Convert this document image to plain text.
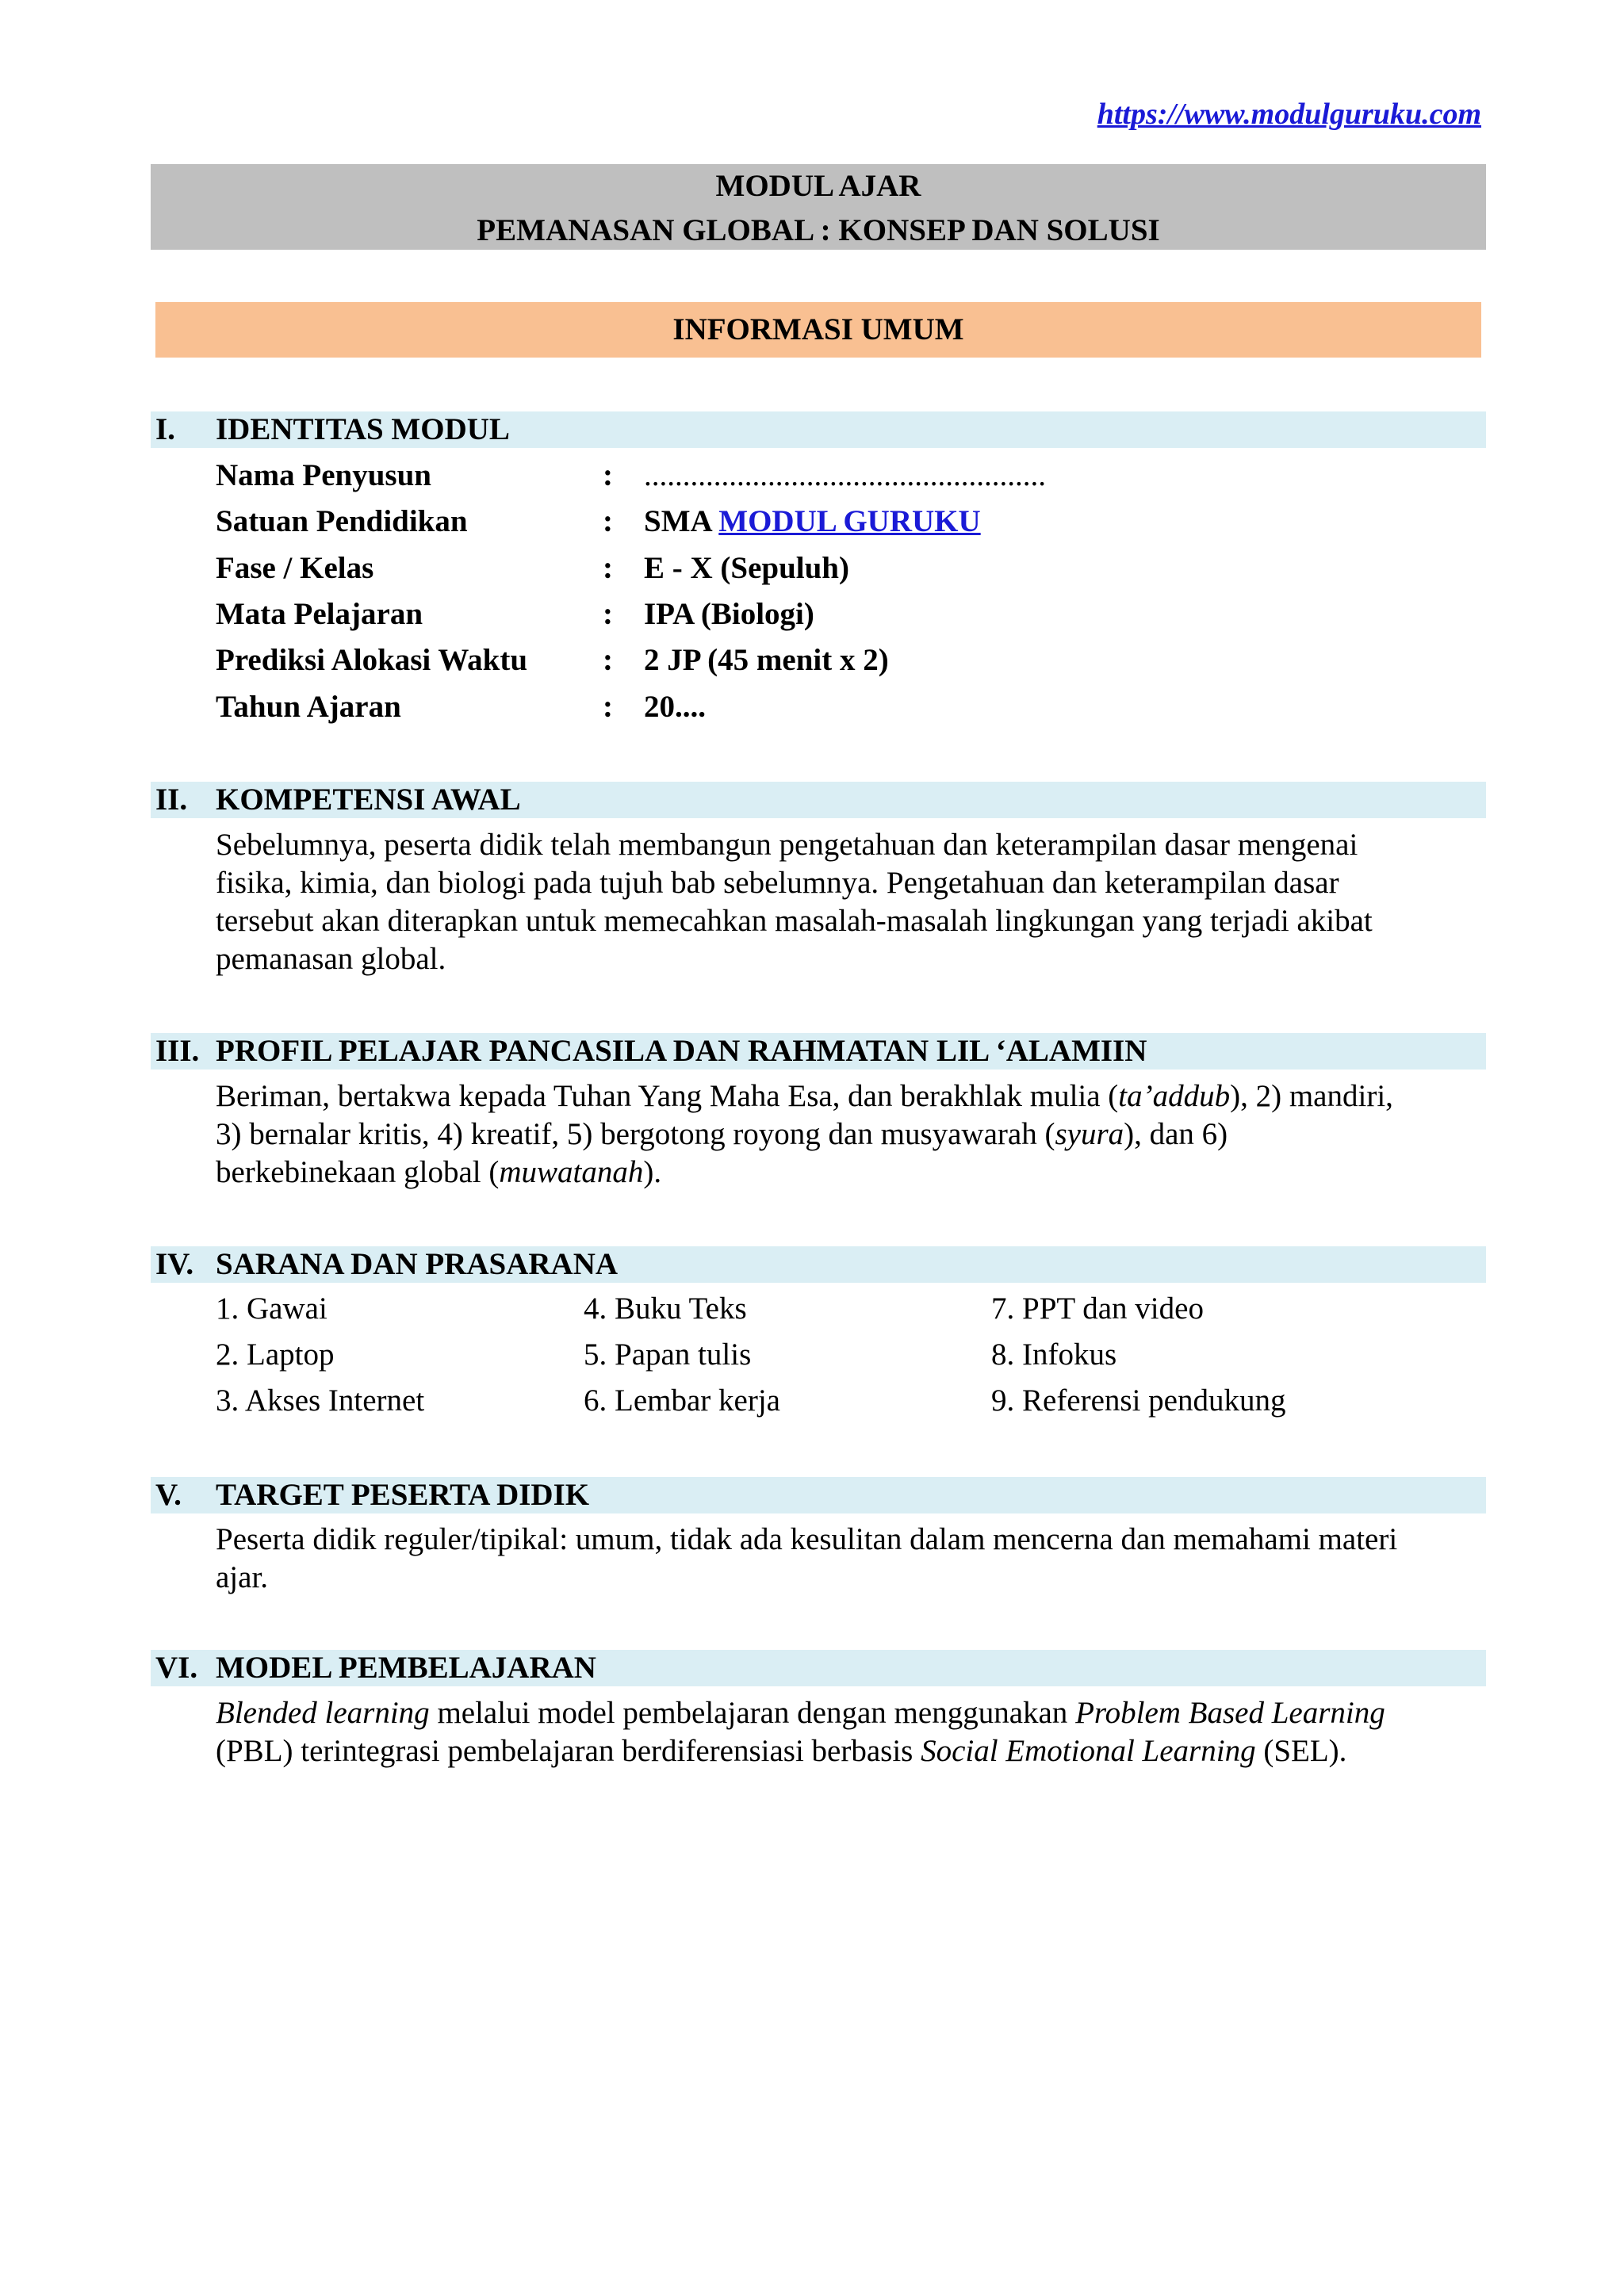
https://www.modulguruku.com
MODUL AJAR
PEMANASAN GLOBAL : KONSEP DAN SOLUSI
INFORMASI UMUM
I. IDENTITAS MODUL
Nama Penyusun	: ....................................................
Satuan Pendidikan	: SMA MODUL GURUKU
Fase / Kelas	: E - X (Sepuluh)
Mata Pelajaran	: IPA (Biologi)
Prediksi Alokasi Waktu : 2 JP (45 menit x 2)
Tahun Ajaran	: 20....
II. KOMPETENSI AWAL
Sebelumnya, peserta didik telah membangun pengetahuan dan keterampilan dasar mengenai
fisika, kimia, dan biologi pada tujuh bab sebelumnya. Pengetahuan dan keterampilan dasar
tersebut akan diterapkan untuk memecahkan masalah-masalah lingkungan yang terjadi akibat
pemanasan global.
III. PROFIL PELAJAR PANCASILA DAN RAHMATAN LIL ‘ALAMIIN
Beriman, bertakwa kepada Tuhan Yang Maha Esa, dan berakhlak mulia (ta’addub), 2) mandiri,
3) bernalar kritis, 4) kreatif, 5) bergotong royong dan musyawarah (syura), dan 6)
berkebinekaan global (muwatanah).
IV. SARANA DAN PRASARANA
1. Gawai
2. Laptop
3. Akses Internet
4. Buku Teks
5. Papan tulis
6. Lembar kerja
7. PPT dan video
8. Infokus
9. Referensi pendukung
V. TARGET PESERTA DIDIK
Peserta didik reguler/tipikal: umum, tidak ada kesulitan dalam mencerna dan memahami materi
ajar.
VI. MODEL PEMBELAJARAN
Blended learning melalui model pembelajaran dengan menggunakan Problem Based Learning
(PBL) terintegrasi pembelajaran berdiferensiasi berbasis Social Emotional Learning (SEL).
